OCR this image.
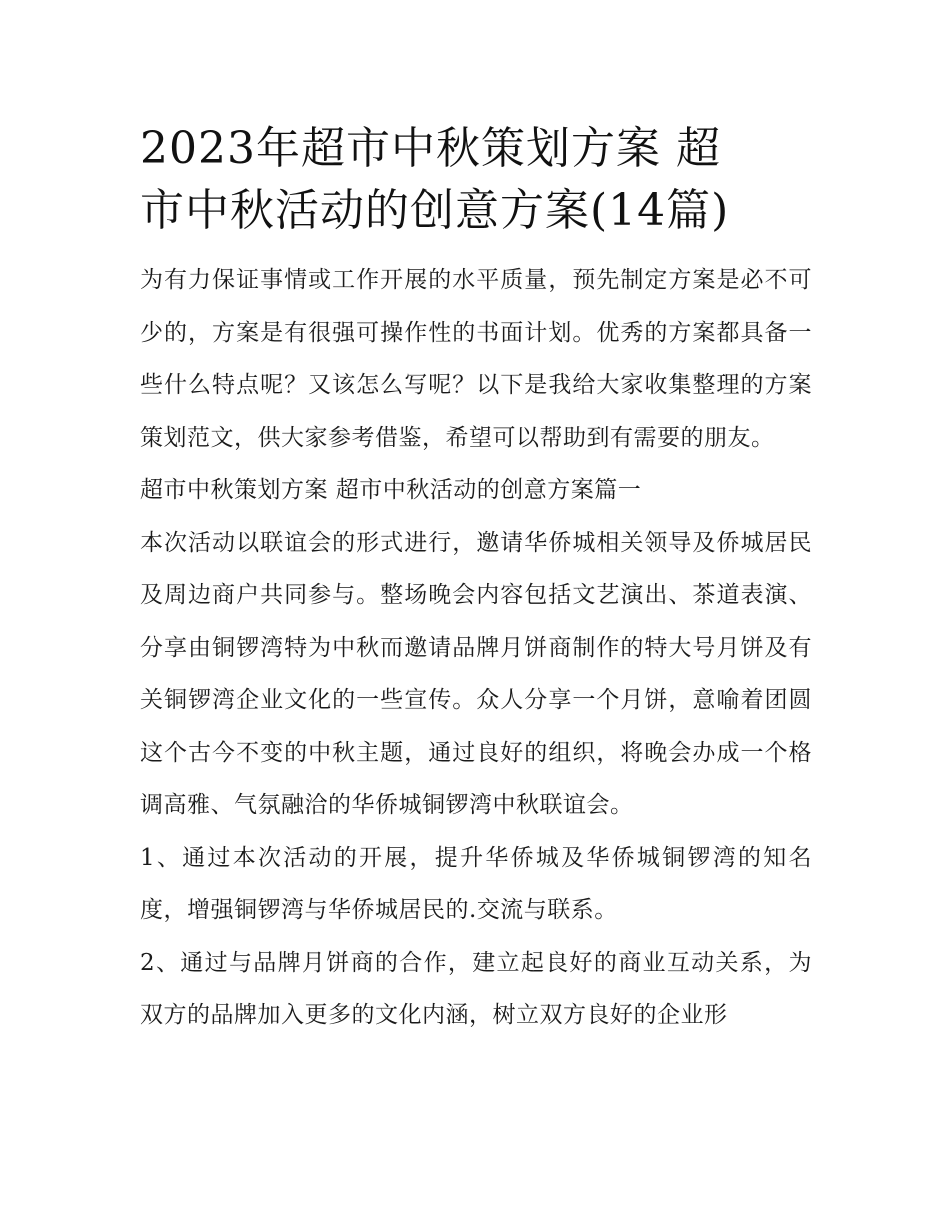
2023年超市中秋策划方案 超
市中秋活动的创意方案(14篇)

为有力保证事情或工作开展的水平质量，预先制定方案是必不可少的，方案是有很强可操作性的书面计划。优秀的方案都具备一些什么特点呢？又该怎么写呢？以下是我给大家收集整理的方案策划范文，供大家参考借鉴，希望可以帮助到有需要的朋友。

超市中秋策划方案 超市中秋活动的创意方案篇一

本次活动以联谊会的形式进行，邀请华侨城相关领导及侨城居民及周边商户共同参与。整场晚会内容包括文艺演出、茶道表演、分享由铜锣湾特为中秋而邀请品牌月饼商制作的特大号月饼及有关铜锣湾企业文化的一些宣传。众人分享一个月饼，意喻着团圆这个古今不变的中秋主题，通过良好的组织，将晚会办成一个格调高雅、气氛融洽的华侨城铜锣湾中秋联谊会。

1、通过本次活动的开展，提升华侨城及华侨城铜锣湾的知名度，增强铜锣湾与华侨城居民的.交流与联系。

2、通过与品牌月饼商的合作，建立起良好的商业互动关系，为双方的品牌加入更多的文化内涵，树立双方良好的企业形
